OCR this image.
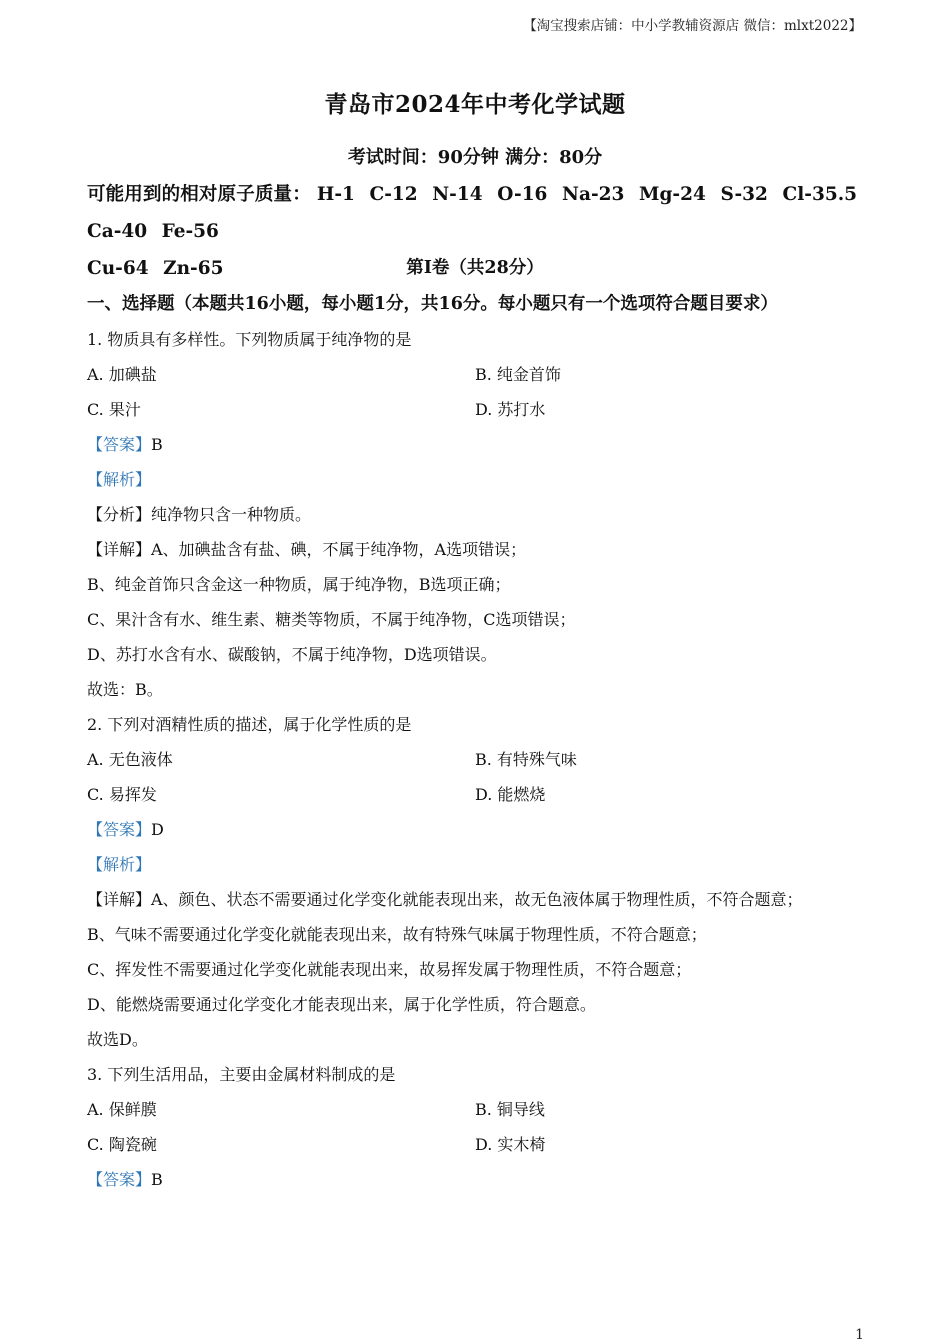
【淘宝搜索店铺：中小学教辅资源店 微信：mlxt2022】
青岛市2024年中考化学试题
考试时间：90分钟 满分：80分
可能用到的相对原子质量： H-1 C-12 N-14 O-16 Na-23 Mg-24 S-32 Cl-35.5 Ca-40 Fe-56
Cu-64 Zn-65	第Ⅰ卷（共28分）
一、选择题（本题共16小题，每小题1分，共16分。每小题只有一个选项符合题目要求）
1. 物质具有多样性。下列物质属于纯净物的是
A. 加碘盐	B. 纯金首饰
C. 果汁	D. 苏打水
【答案】B
【解析】
【分析】纯净物只含一种物质。
【详解】A、加碘盐含有盐、碘，不属于纯净物，A选项错误；
B、纯金首饰只含金这一种物质，属于纯净物，B选项正确；
C、果汁含有水、维生素、糖类等物质，不属于纯净物，C选项错误；
D、苏打水含有水、碳酸钠，不属于纯净物，D选项错误。
故选：B。
2. 下列对酒精性质的描述，属于化学性质的是
A. 无色液体	B. 有特殊气味
C. 易挥发	D. 能燃烧
【答案】D
【解析】
【详解】A、颜色、状态不需要通过化学变化就能表现出来，故无色液体属于物理性质，不符合题意；
B、气味不需要通过化学变化就能表现出来，故有特殊气味属于物理性质，不符合题意；
C、挥发性不需要通过化学变化就能表现出来，故易挥发属于物理性质，不符合题意；
D、能燃烧需要通过化学变化才能表现出来，属于化学性质，符合题意。
故选D。
3. 下列生活用品，主要由金属材料制成的是
A. 保鲜膜	B. 铜导线
C. 陶瓷碗	D. 实木椅
【答案】B
1
